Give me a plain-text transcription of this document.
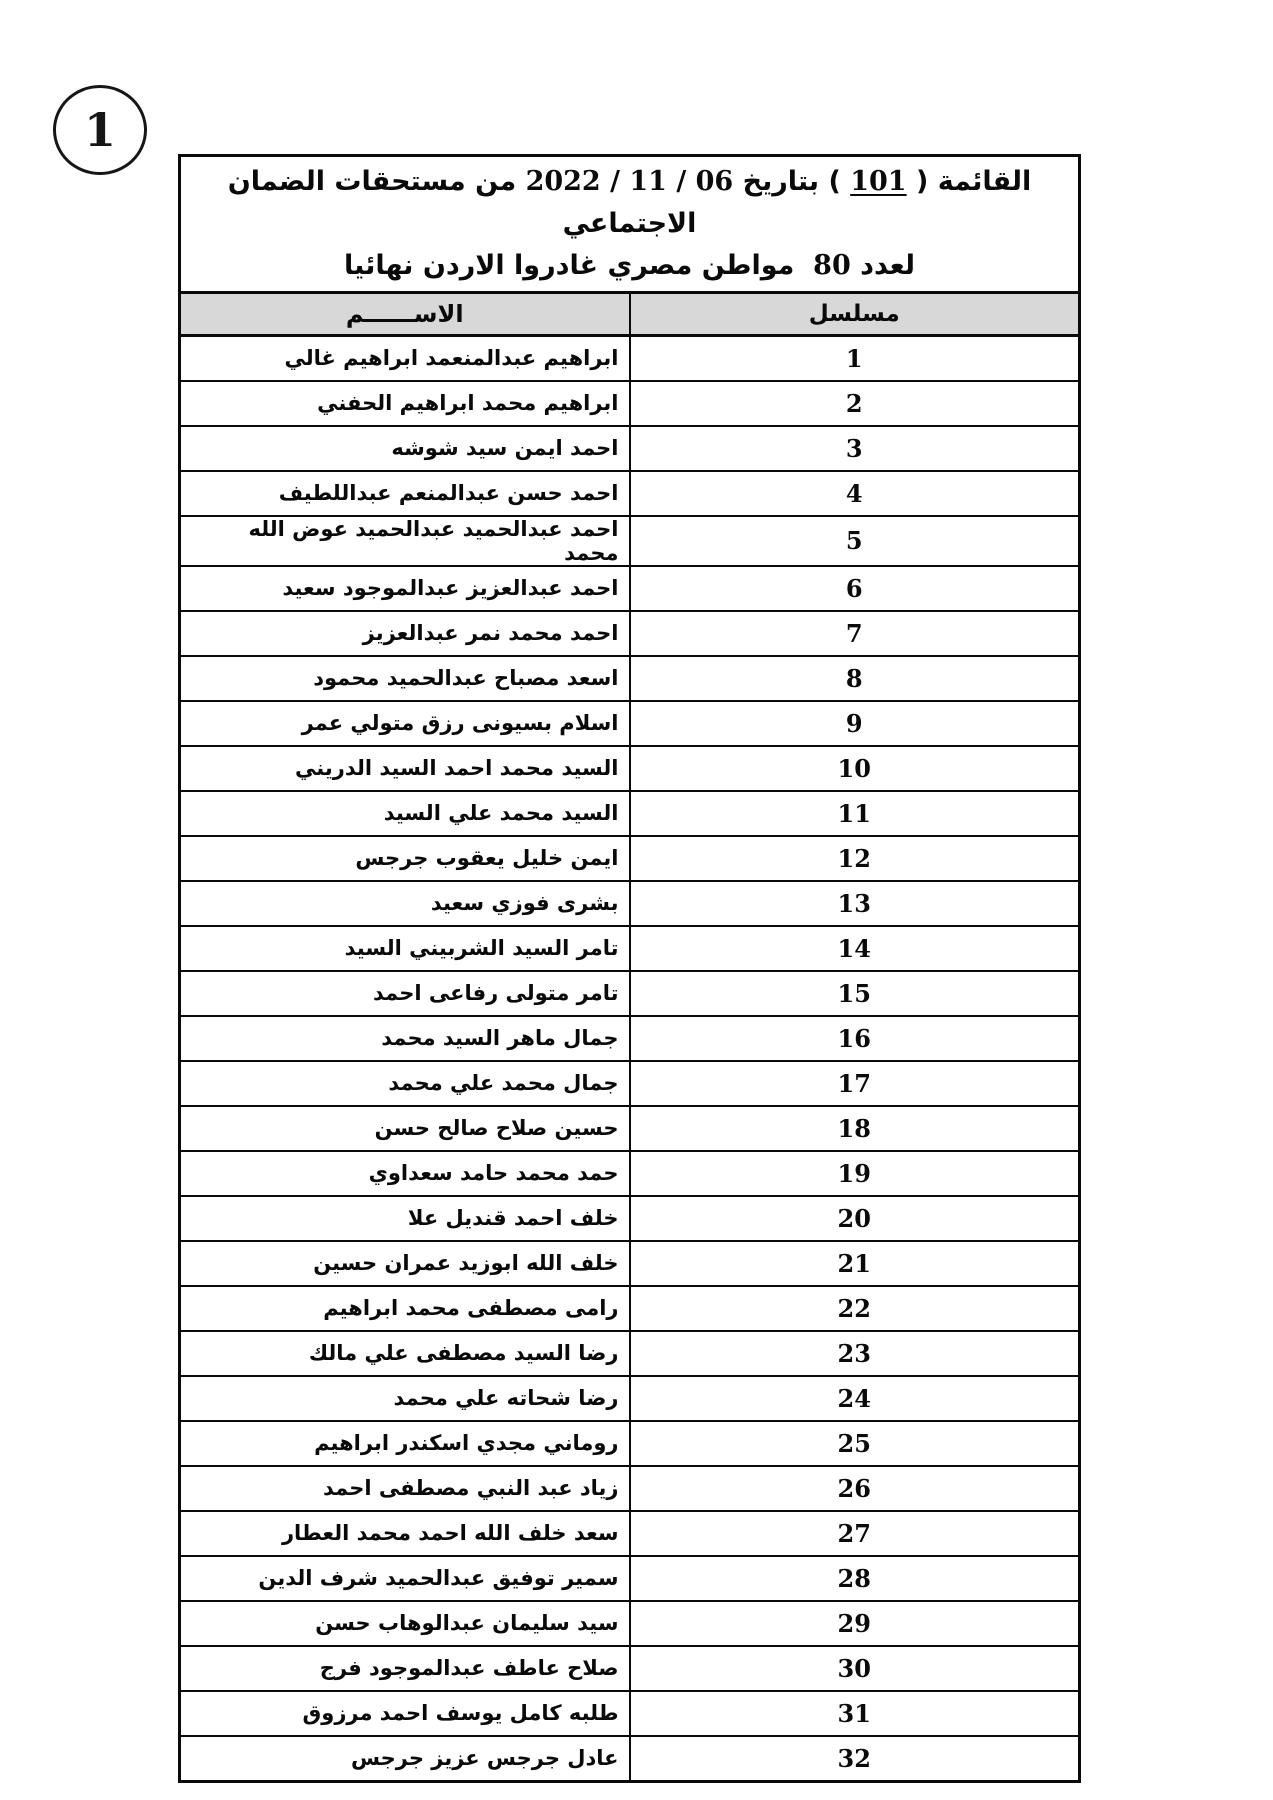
1
القائمة ( 101 ) بتاريخ 06 / 11 / 2022 من مستحقات الضمان الاجتماعي
لعدد 80  مواطن مصري غادروا الاردن نهائيا	

مسلسل	الاســــــم
1	ابراهيم عبدالمنعمد ابراهيم غالي
2	ابراهيم محمد ابراهيم الحفني
3	احمد ايمن سيد شوشه
4	احمد حسن عبدالمنعم عبداللطيف
5	احمد عبدالحميد عبدالحميد عوض الله محمد
6	احمد عبدالعزيز عبدالموجود سعيد
7	احمد محمد نمر عبدالعزيز
8	اسعد مصباح عبدالحميد محمود
9	اسلام بسيونى رزق متولي عمر
10	السيد محمد احمد السيد الدريني
11	السيد محمد علي السيد
12	ايمن خليل يعقوب جرجس
13	بشرى فوزي سعيد
14	تامر السيد الشربيني السيد
15	تامر متولى رفاعى احمد
16	جمال ماهر السيد محمد
17	جمال محمد علي محمد
18	حسين صلاح صالح حسن
19	حمد محمد حامد سعداوي
20	خلف احمد قنديل علا
21	خلف الله ابوزيد عمران حسين
22	رامى مصطفى محمد ابراهيم
23	رضا السيد مصطفى علي مالك
24	رضا شحاته علي محمد
25	روماني مجدي اسكندر ابراهيم
26	زياد عبد النبي مصطفى احمد
27	سعد خلف الله احمد محمد العطار
28	سمير توفيق عبدالحميد شرف الدين
29	سيد سليمان عبدالوهاب حسن
30	صلاح عاطف عبدالموجود فرج
31	طلبه كامل يوسف احمد مرزوق
32	عادل جرجس عزيز جرجس
